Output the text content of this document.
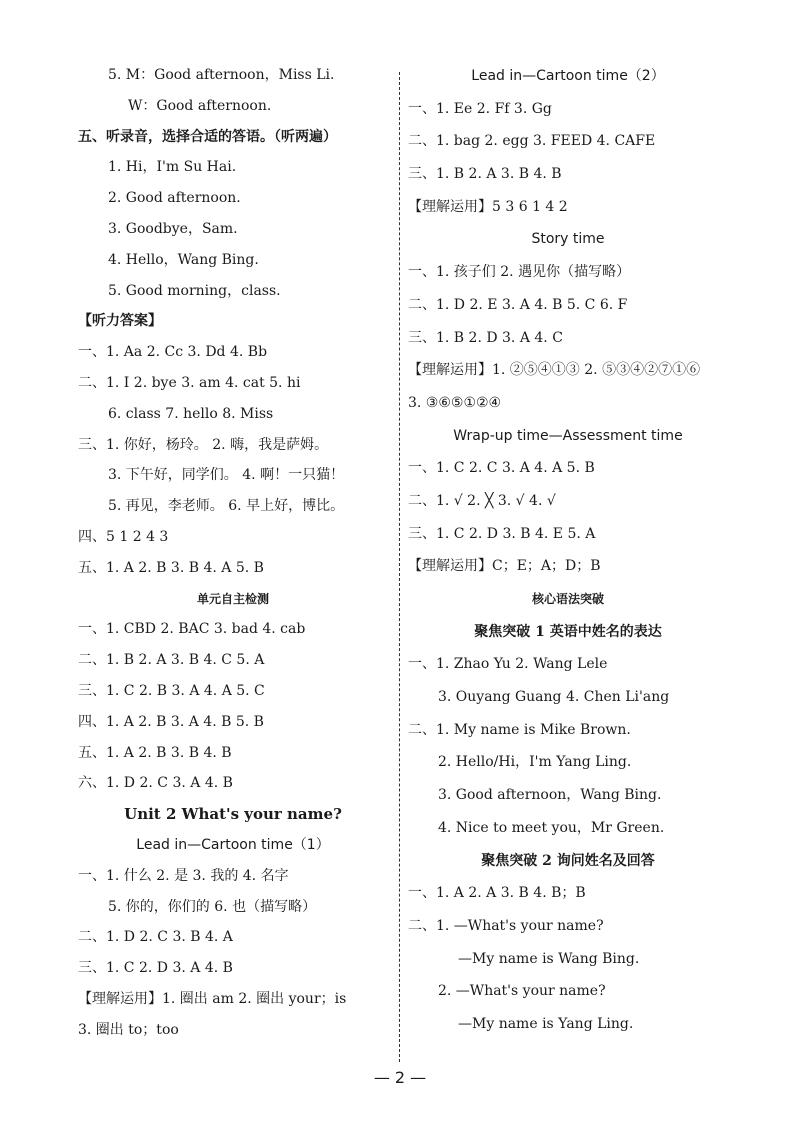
5. M：Good afternoon，Miss Li.
W：Good afternoon.
五、听录音，选择合适的答语。（听两遍）
1. Hi，I'm Su Hai.
2. Good afternoon.
3. Goodbye，Sam.
4. Hello，Wang Bing.
5. Good morning，class.
【听力答案】
一、1. Aa 2. Cc 3. Dd 4. Bb
二、1. I 2. bye 3. am 4. cat 5. hi
6. class 7. hello 8. Miss
三、1. 你好，杨玲。 2. 嗨，我是萨姆。
3. 下午好，同学们。 4. 啊！一只猫！
5. 再见，李老师。 6. 早上好，博比。
四、5 1 2 4 3
五、1. A 2. B 3. B 4. A 5. B
单元自主检测
一、1. CBD 2. BAC 3. bad 4. cab
二、1. B 2. A 3. B 4. C 5. A
三、1. C 2. B 3. A 4. A 5. C
四、1. A 2. B 3. A 4. B 5. B
五、1. A 2. B 3. B 4. B
六、1. D 2. C 3. A 4. B
Unit 2 What's your name?
Lead in—Cartoon time（1）
一、1. 什么 2. 是 3. 我的 4. 名字
5. 你的，你们的 6. 也（描写略）
二、1. D 2. C 3. B 4. A
三、1. C 2. D 3. A 4. B
【理解运用】1. 圈出 am 2. 圈出 your；is
3. 圈出 to；too
Lead in—Cartoon time（2）
一、1. Ee 2. Ff 3. Gg
二、1. bag 2. egg 3. FEED 4. CAFE
三、1. B 2. A 3. B 4. B
【理解运用】5 3 6 1 4 2
Story time
一、1. 孩子们 2. 遇见你（描写略）
二、1. D 2. E 3. A 4. B 5. C 6. F
三、1. B 2. D 3. A 4. C
【理解运用】1. ②⑤④①③ 2. ⑤③④②⑦①⑥
3. ③⑥⑤①②④
Wrap-up time—Assessment time
一、1. C 2. C 3. A 4. A 5. B
二、1. √ 2. ╳ 3. √ 4. √
三、1. C 2. D 3. B 4. E 5. A
【理解运用】C；E；A；D；B
核心语法突破
聚焦突破 1 英语中姓名的表达
一、1. Zhao Yu 2. Wang Lele
3. Ouyang Guang 4. Chen Li'ang
二、1. My name is Mike Brown.
2. Hello/Hi，I'm Yang Ling.
3. Good afternoon，Wang Bing.
4. Nice to meet you，Mr Green.
聚焦突破 2 询问姓名及回答
一、1. A 2. A 3. B 4. B；B
二、1. —What's your name?
—My name is Wang Bing.
2. —What's your name?
—My name is Yang Ling.
— 2 —
